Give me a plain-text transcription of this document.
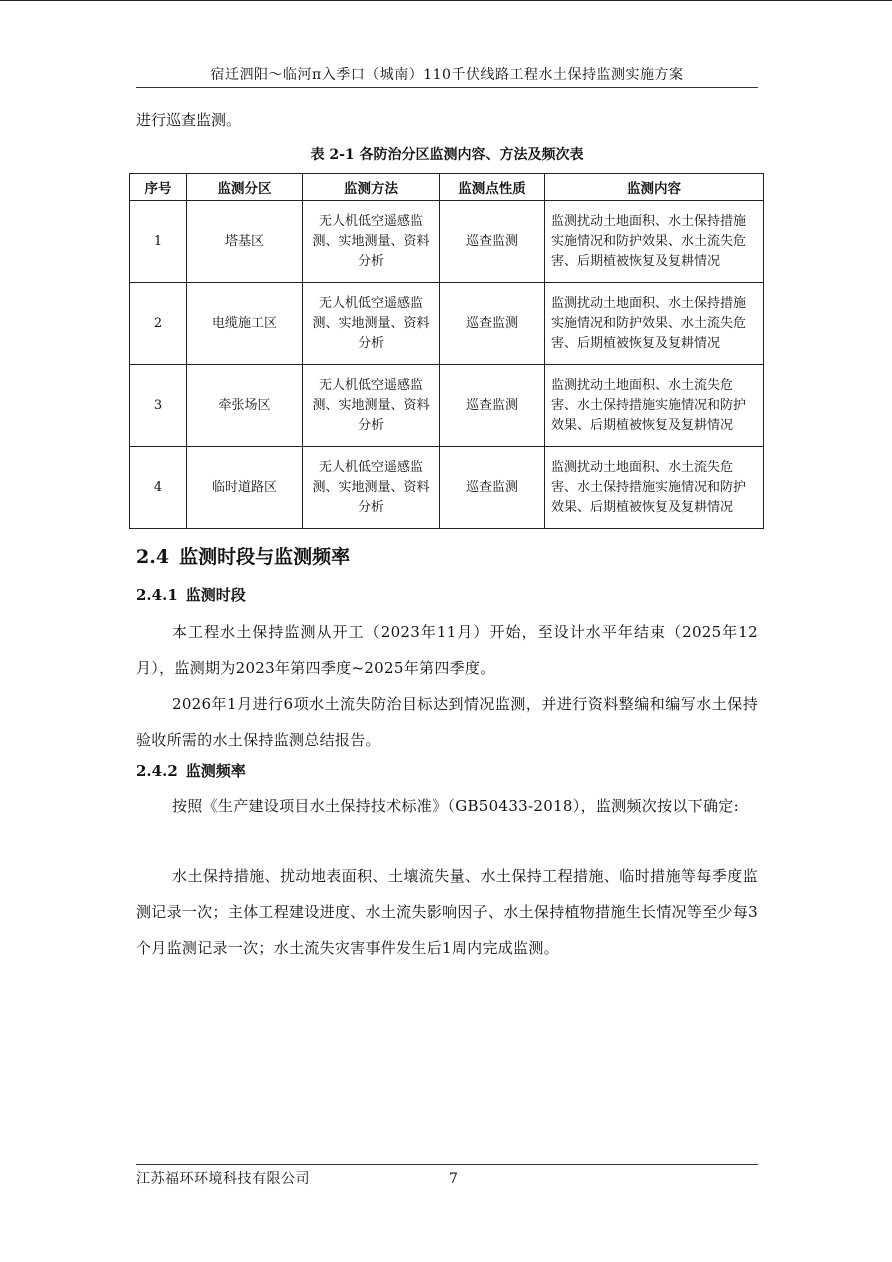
宿迁泗阳～临河π入季口（城南）110千伏线路工程水土保持监测实施方案
进行巡查监测。
表 2-1 各防治分区监测内容、方法及频次表
序号	监测分区	监测方法	监测点性质	监测内容
1	塔基区	无人机低空遥感监测、实地测量、资料分析	巡查监测	监测扰动土地面积、水土保持措施实施情况和防护效果、水土流失危害、后期植被恢复及复耕情况
2	电缆施工区	无人机低空遥感监测、实地测量、资料分析	巡查监测	监测扰动土地面积、水土保持措施实施情况和防护效果、水土流失危害、后期植被恢复及复耕情况
3	牵张场区	无人机低空遥感监测、实地测量、资料分析	巡查监测	监测扰动土地面积、水土流失危害、水土保持措施实施情况和防护效果、后期植被恢复及复耕情况
4	临时道路区	无人机低空遥感监测、实地测量、资料分析	巡查监测	监测扰动土地面积、水土流失危害、水土保持措施实施情况和防护效果、后期植被恢复及复耕情况
2.4 监测时段与监测频率
2.4.1 监测时段
本工程水土保持监测从开工（2023年11月）开始，至设计水平年结束（2025年12月），监测期为2023年第四季度~2025年第四季度。
2026年1月进行6项水土流失防治目标达到情况监测，并进行资料整编和编写水土保持验收所需的水土保持监测总结报告。
2.4.2 监测频率
按照《生产建设项目水土保持技术标准》（GB50433-2018），监测频次按以下确定:
水土保持措施、扰动地表面积、土壤流失量、水土保持工程措施、临时措施等每季度监测记录一次；主体工程建设进度、水土流失影响因子、水土保持植物措施生长情况等至少每3个月监测记录一次；水土流失灾害事件发生后1周内完成监测。
江苏福环环境科技有限公司	7
